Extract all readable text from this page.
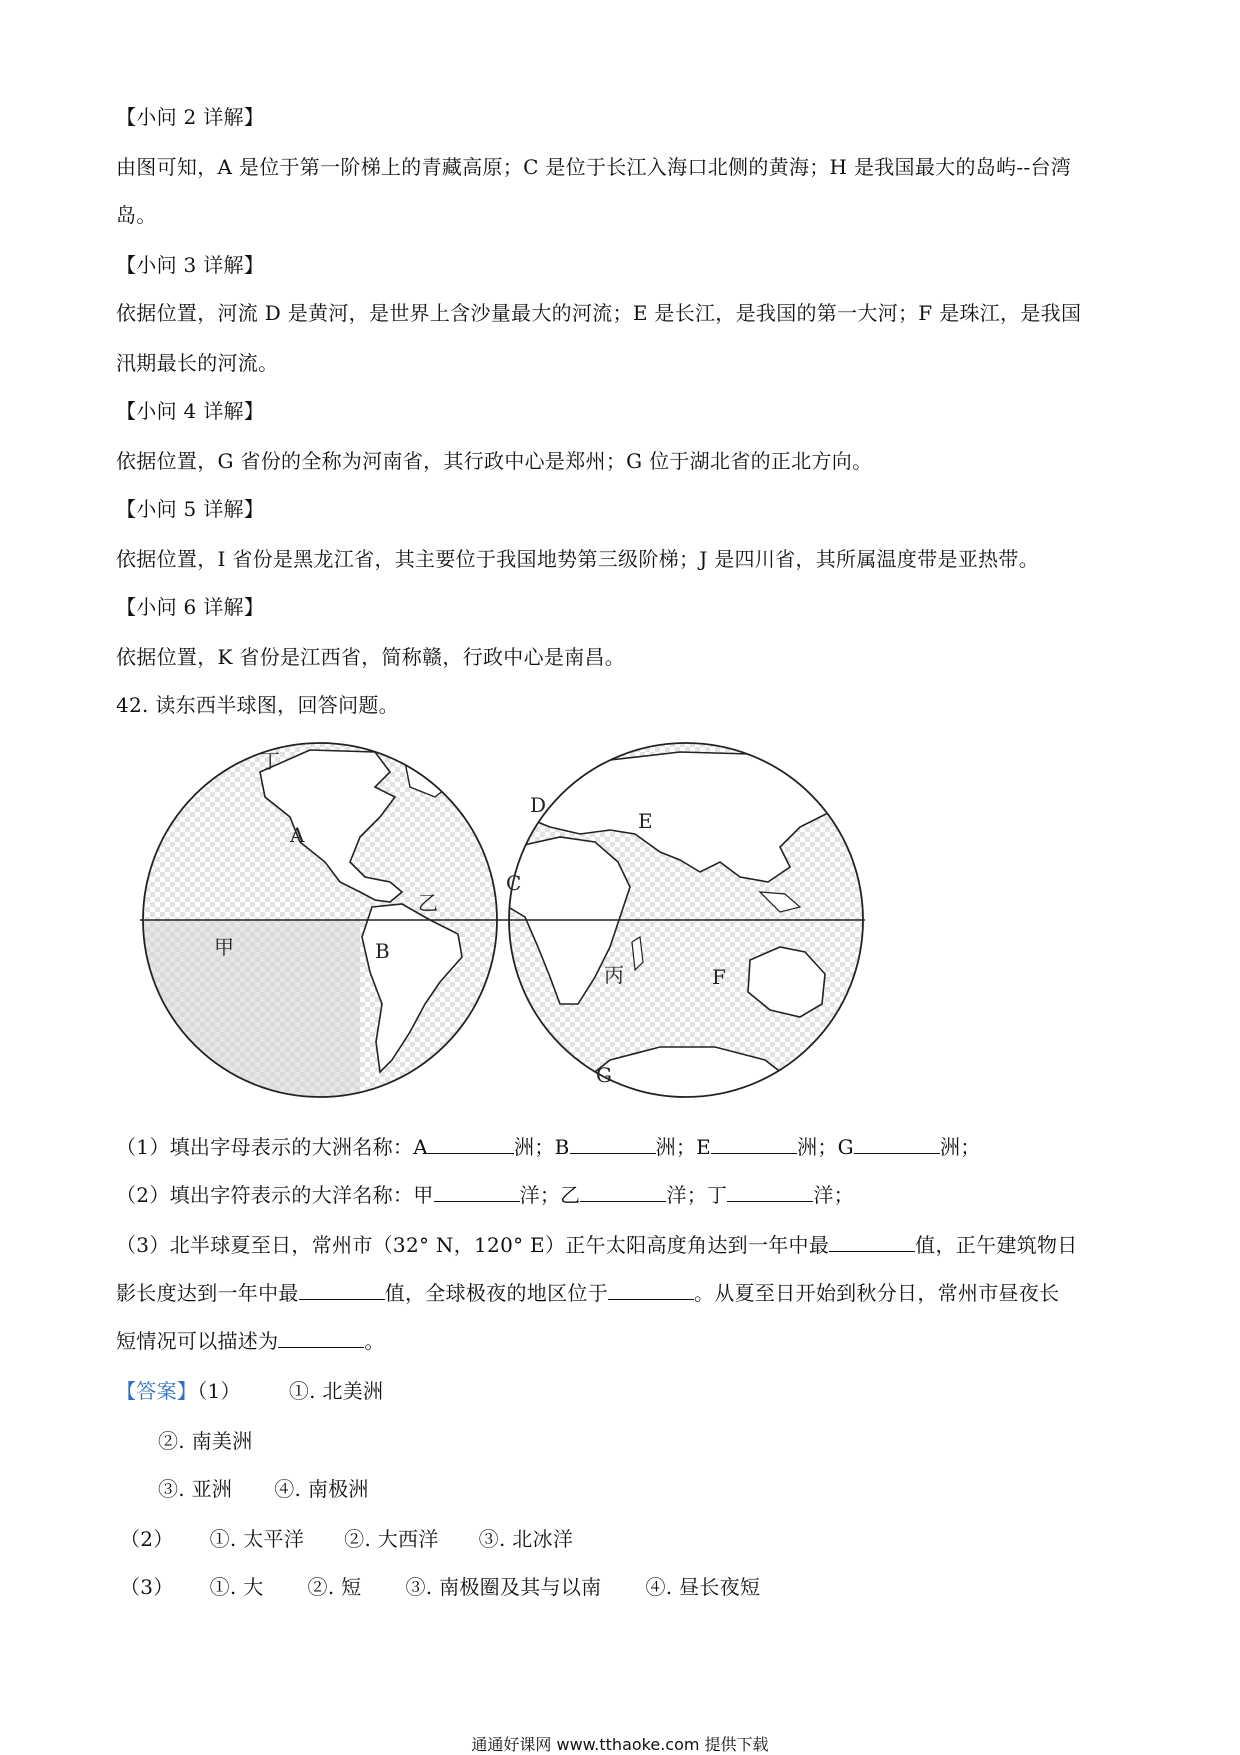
【小问 2 详解】
由图可知，A 是位于第一阶梯上的青藏高原；C 是位于长江入海口北侧的黄海；H 是我国最大的岛屿--台湾
岛。
【小问 3 详解】
依据位置，河流 D 是黄河，是世界上含沙量最大的河流；E 是长江，是我国的第一大河；F 是珠江，是我国
汛期最长的河流。
【小问 4 详解】
依据位置，G 省份的全称为河南省，其行政中心是郑州；G 位于湖北省的正北方向。
【小问 5 详解】
依据位置，I 省份是黑龙江省，其主要位于我国地势第三级阶梯；J 是四川省，其所属温度带是亚热带。
【小问 6 详解】
依据位置，K 省份是江西省，简称赣，行政中心是南昌。
42. 读东西半球图，回答问题。
丁
A
乙
甲	B
D
E
C
丙	F
G
（1）填出字母表示的大洲名称：A	洲；B	洲；E	洲；G	洲；
（2）填出字符表示的大洋名称：甲	洋；乙	洋；丁	洋；
（3）北半球夏至日，常州市（32° N，120° E）正午太阳高度角达到一年中最	值，正午建筑物日
影长度达到一年中最	值，全球极夜的地区位于	。从夏至日开始到秋分日，常州市昼夜长
短情况可以描述为	。
【答案】（1） ①. 北美洲
②. 南美洲
③. 亚洲 ④. 南极洲
（2） ①. 太平洋 ②. 大西洋 ③. 北冰洋
（3） ①. 大 ②. 短 ③. 南极圈及其与以南 ④. 昼长夜短
通通好课网 www.tthaoke.com 提供下载
